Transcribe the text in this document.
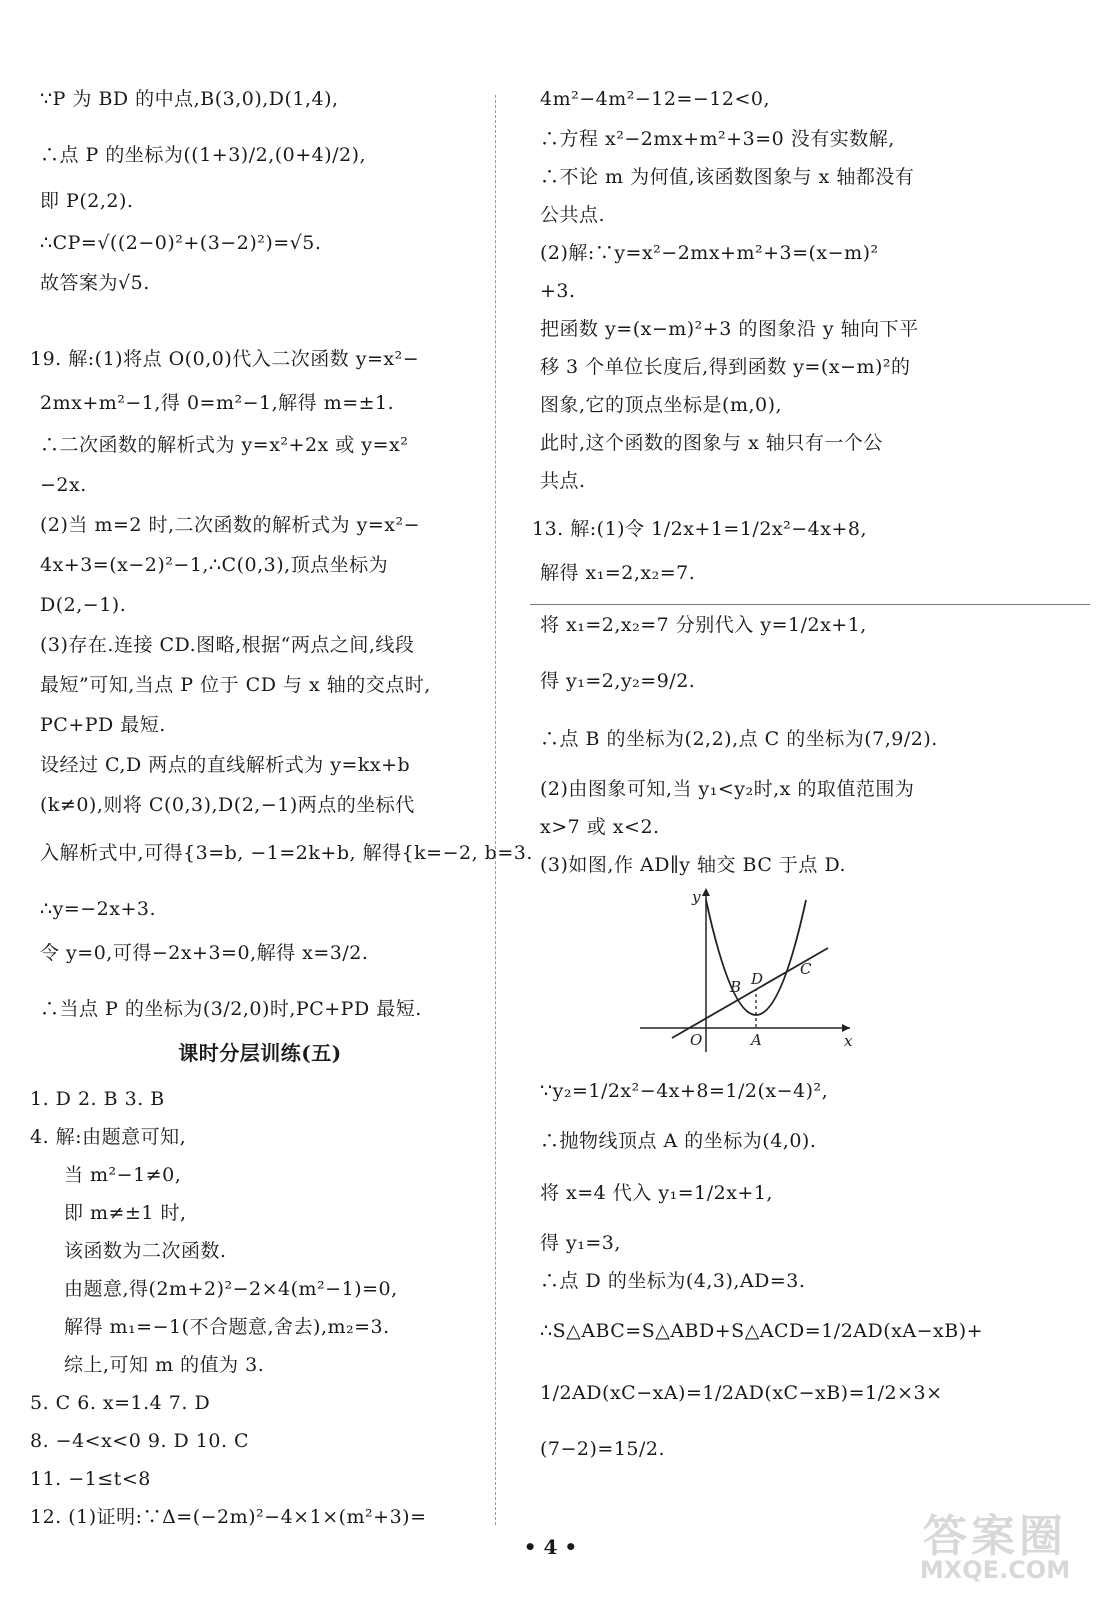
∵P 为 BD 的中点,B(3,0),D(1,4),
∴点 P 的坐标为((1+3)/2,(0+4)/2),
即 P(2,2).
∴CP=√((2−0)²+(3−2)²)=√5.
故答案为√5.
19. 解:(1)将点 O(0,0)代入二次函数 y=x²−
2mx+m²−1,得 0=m²−1,解得 m=±1.
∴二次函数的解析式为 y=x²+2x 或 y=x²
−2x.
(2)当 m=2 时,二次函数的解析式为 y=x²−
4x+3=(x−2)²−1,∴C(0,3),顶点坐标为
D(2,−1).
(3)存在.连接 CD.图略,根据“两点之间,线段
最短”可知,当点 P 位于 CD 与 x 轴的交点时,
PC+PD 最短.
设经过 C,D 两点的直线解析式为 y=kx+b
(k≠0),则将 C(0,3),D(2,−1)两点的坐标代
入解析式中,可得{3=b, −1=2k+b, 解得{k=−2, b=3.
∴y=−2x+3.
令 y=0,可得−2x+3=0,解得 x=3/2.
∴当点 P 的坐标为(3/2,0)时,PC+PD 最短.
课时分层训练(五)
1. D 2. B 3. B
4. 解:由题意可知,
当 m²−1≠0,
即 m≠±1 时,
该函数为二次函数.
由题意,得(2m+2)²−2×4(m²−1)=0,
解得 m₁=−1(不合题意,舍去),m₂=3.
综上,可知 m 的值为 3.
5. C 6. x=1.4 7. D
8. −4<x<0 9. D 10. C
11. −1≤t<8
12. (1)证明:∵Δ=(−2m)²−4×1×(m²+3)=
4m²−4m²−12=−12<0,
∴方程 x²−2mx+m²+3=0 没有实数解,
∴不论 m 为何值,该函数图象与 x 轴都没有
公共点.
(2)解:∵y=x²−2mx+m²+3=(x−m)²
+3.
把函数 y=(x−m)²+3 的图象沿 y 轴向下平
移 3 个单位长度后,得到函数 y=(x−m)²的
图象,它的顶点坐标是(m,0),
此时,这个函数的图象与 x 轴只有一个公
共点.
13. 解:(1)令 1/2x+1=1/2x²−4x+8,
解得 x₁=2,x₂=7.
将 x₁=2,x₂=7 分别代入 y=1/2x+1,
得 y₁=2,y₂=9/2.
∴点 B 的坐标为(2,2),点 C 的坐标为(7,9/2).
(2)由图象可知,当 y₁<y₂时,x 的取值范围为
x>7 或 x<2.
(3)如图,作 AD∥y 轴交 BC 于点 D.
∵y₂=1/2x²−4x+8=1/2(x−4)²,
∴抛物线顶点 A 的坐标为(4,0).
将 x=4 代入 y₁=1/2x+1,
得 y₁=3,
∴点 D 的坐标为(4,3),AD=3.
∴S△ABC=S△ABD+S△ACD=1/2AD(xA−xB)+
1/2AD(xC−xA)=1/2AD(xC−xB)=1/2×3×
(7−2)=15/2.
y
x
O	A
B D
C
• 4 •	答案圈
MXQE.COM
